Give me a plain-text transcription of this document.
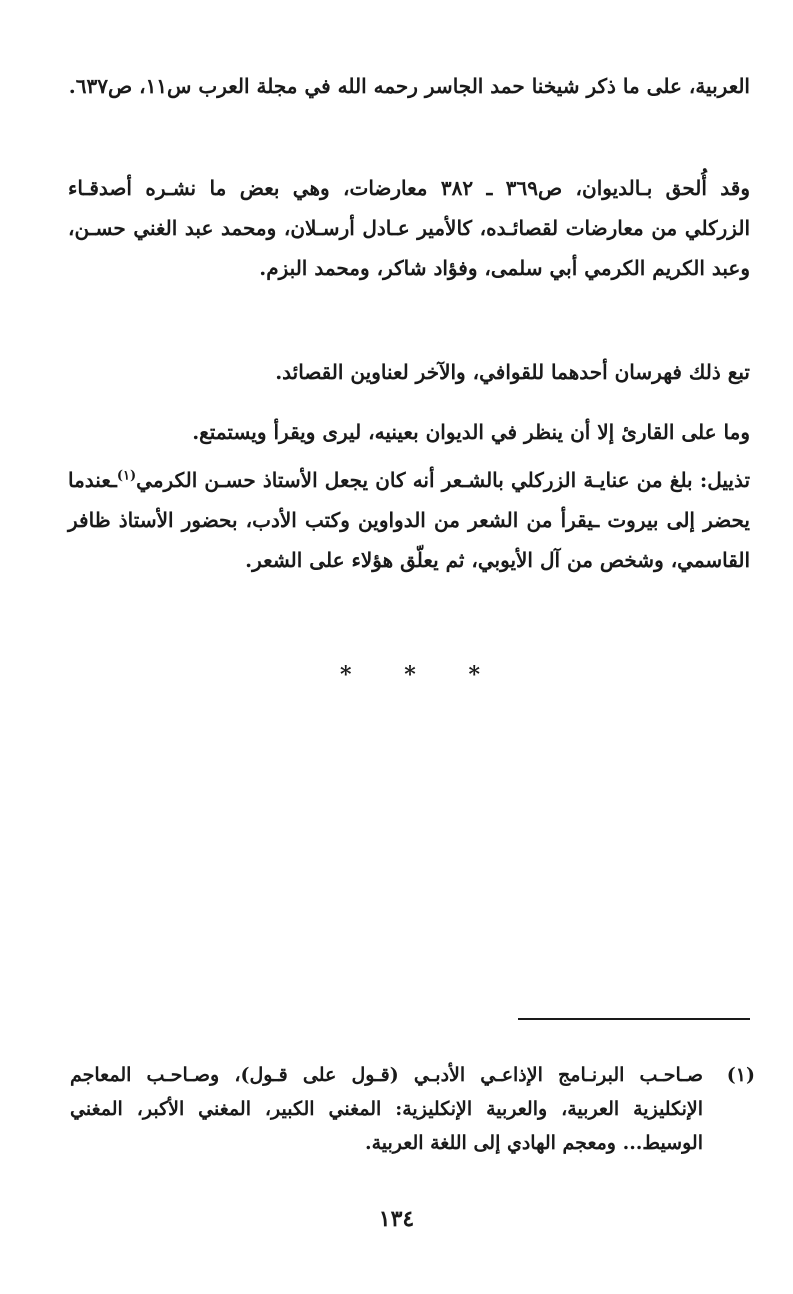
العربية، على ما ذكر شيخنا حمد الجاسر رحمه الله في مجلة العرب س١١، ص٦٣٧.

وقد أُلحق بـالديوان، ص٣٦٩ ـ ٣٨٢ معارضات، وهي بعض ما نشـره أصدقـاء الزركلي من معارضات لقصائـده، كالأمير عـادل أرسـلان، ومحمد عبد الغني حسـن، وعبد الكريم الكرمي أبي سلمى، وفؤاد شاكر، ومحمد البزم.

تبع ذلك فهرسان أحدهما للقوافي، والآخر لعناوين القصائد.

وما على القارئ إلا أن ينظر في الديوان بعينيه، ليرى ويقرأ ويستمتع.

تذييل: بلغ من عنايـة الزركلي بالشـعر أنه كان يجعل الأستاذ حسـن الكرمي$^{(١)}$ـعندما يحضر إلى بيروت ـيقرأ من الشعر من الدواوين وكتب الأدب، بحضور الأستاذ ظافر القاسمي، وشخص من آل الأيوبي، ثم يعلّق هؤلاء على الشعر.

* * *
(١)
صـاحـب البرنـامج الإذاعـي الأدبـي (قـول على قـول)، وصـاحـب المعاجم الإنكليزية العربية، والعربية الإنكليزية: المغني الكبير، المغني الأكبر، المغني الوسيط... ومعجم الهادي إلى اللغة العربية.
١٣٤
